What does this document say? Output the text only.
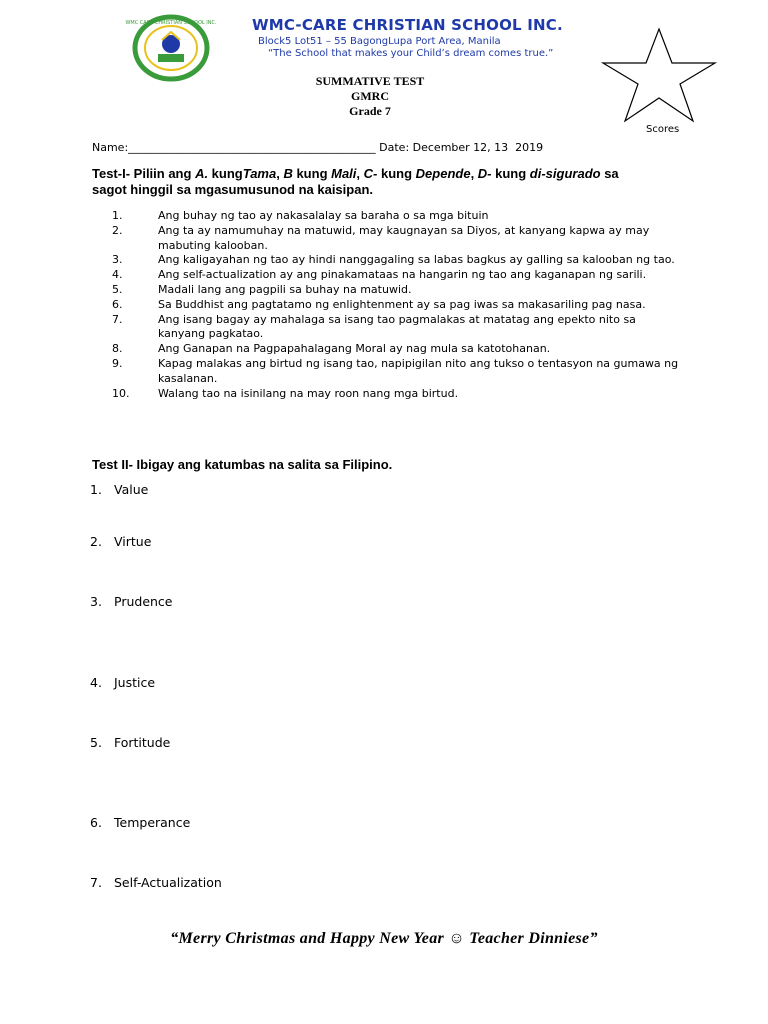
WMC CARE CHRISTIAN SCHOOL INC. WMC-CARE CHRISTIAN SCHOOL INC.
Block5 Lot51 – 55 BagongLupa Port Area, Manila
“The School that makes your Child’s dream comes true.”
SUMMATIVE TEST
GMRC
Grade 7
Scores
Name:_____________________________________________ Date: December 12, 13  2019
Test-I- Piliin ang A. kungTama, B kung Mali, C- kung Depende, D- kung di-sigurado sa sagot hinggil sa mgasumusunod na kaisipan.
1.	Ang buhay ng tao ay nakasalalay sa baraha o sa mga bituin
2.	Ang ta ay namumuhay na matuwid, may kaugnayan sa Diyos, at kanyang kapwa ay may mabuting kalooban.
3.	Ang kaligayahan ng tao ay hindi nanggagaling sa labas bagkus ay galling sa kalooban ng tao.
4.	Ang self-actualization ay ang pinakamataas na hangarin ng tao ang kaganapan ng sarili.
5.	Madali lang ang pagpili sa buhay na matuwid.
6.	Sa Buddhist ang pagtatamo ng enlightenment ay sa pag iwas sa makasariling pag nasa.
7.	Ang isang bagay ay mahalaga sa isang tao pagmalakas at matatag ang epekto nito sa kanyang pagkatao.
8.	Ang Ganapan na Pagpapahalagang Moral ay nag mula sa katotohanan.
9.	Kapag malakas ang birtud ng isang tao, napipigilan nito ang tukso o tentasyon na gumawa ng kasalanan.
10.	Walang tao na isinilang na may roon nang mga birtud.
Test II- Ibigay ang katumbas na salita sa Filipino.
1. Value
2. Virtue
3. Prudence
4. Justice
5. Fortitude
6. Temperance
7. Self-Actualization
“Merry Christmas and Happy New Year ☺ Teacher Dinniese”
